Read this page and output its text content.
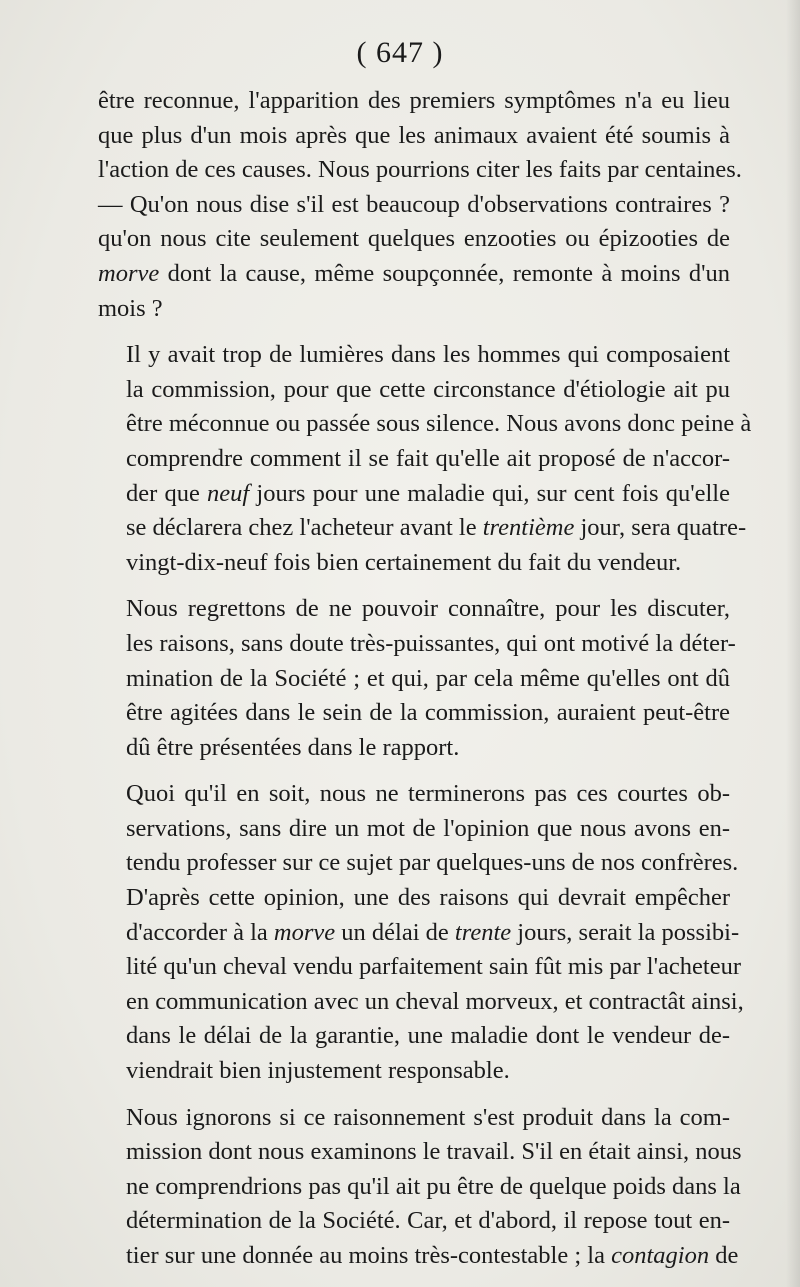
( 647 )

être reconnue, l'apparition des premiers symptômes n'a eu lieu
que plus d'un mois après que les animaux avaient été soumis à
l'action de ces causes. Nous pourrions citer les faits par centaines.
— Qu'on nous dise s'il est beaucoup d'observations contraires ?
qu'on nous cite seulement quelques enzooties ou épizooties de
morve dont la cause, même soupçonnée, remonte à moins d'un
mois ?

Il y avait trop de lumières dans les hommes qui composaient
la commission, pour que cette circonstance d'étiologie ait pu
être méconnue ou passée sous silence. Nous avons donc peine à
comprendre comment il se fait qu'elle ait proposé de n'accor-
der que neuf jours pour une maladie qui, sur cent fois qu'elle
se déclarera chez l'acheteur avant le trentième jour, sera quatre-
vingt-dix-neuf fois bien certainement du fait du vendeur.

Nous regrettons de ne pouvoir connaître, pour les discuter,
les raisons, sans doute très-puissantes, qui ont motivé la déter-
mination de la Société ; et qui, par cela même qu'elles ont dû
être agitées dans le sein de la commission, auraient peut-être
dû être présentées dans le rapport.

Quoi qu'il en soit, nous ne terminerons pas ces courtes ob-
servations, sans dire un mot de l'opinion que nous avons en-
tendu professer sur ce sujet par quelques-uns de nos confrères.
D'après cette opinion, une des raisons qui devrait empêcher
d'accorder à la morve un délai de trente jours, serait la possibi-
lité qu'un cheval vendu parfaitement sain fût mis par l'acheteur
en communication avec un cheval morveux, et contractât ainsi,
dans le délai de la garantie, une maladie dont le vendeur de-
viendrait bien injustement responsable.

Nous ignorons si ce raisonnement s'est produit dans la com-
mission dont nous examinons le travail. S'il en était ainsi, nous
ne comprendrions pas qu'il ait pu être de quelque poids dans la
détermination de la Société. Car, et d'abord, il repose tout en-
tier sur une donnée au moins très-contestable ; la contagion de
